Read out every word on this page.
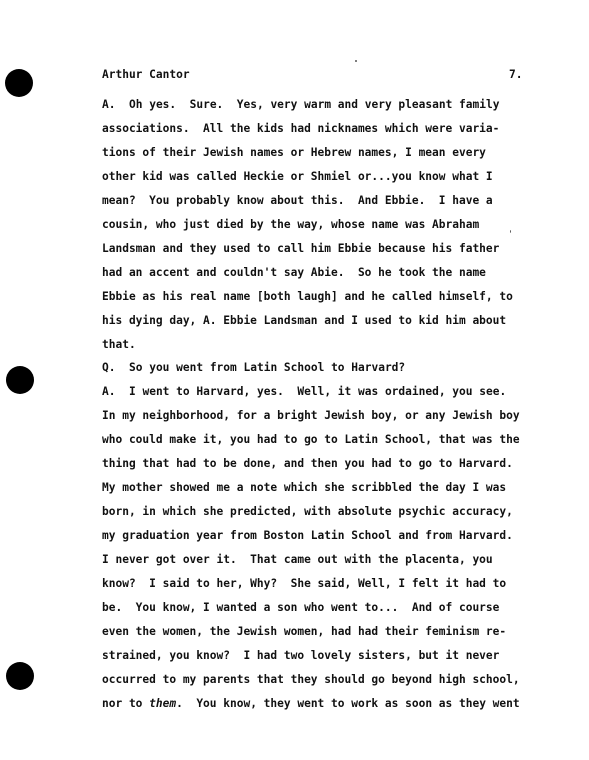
Arthur Cantor	7.
A. Oh yes.  Sure.  Yes, very warm and very pleasant family
associations.  All the kids had nicknames which were varia-
tions of their Jewish names or Hebrew names, I mean every
other kid was called Heckie or Shmiel or...you know what I
mean?  You probably know about this.  And Ebbie.  I have a
cousin, who just died by the way, whose name was Abraham
Landsman and they used to call him Ebbie because his father
had an accent and couldn't say Abie.  So he took the name
Ebbie as his real name [both laugh] and he called himself, to
his dying day, A. Ebbie Landsman and I used to kid him about
that.
Q. So you went from Latin School to Harvard?
A. I went to Harvard, yes.  Well, it was ordained, you see.
In my neighborhood, for a bright Jewish boy, or any Jewish boy
who could make it, you had to go to Latin School, that was the
thing that had to be done, and then you had to go to Harvard.
My mother showed me a note which she scribbled the day I was
born, in which she predicted, with absolute psychic accuracy,
my graduation year from Boston Latin School and from Harvard.
I never got over it.  That came out with the placenta, you
know?  I said to her, Why?  She said, Well, I felt it had to
be.  You know, I wanted a son who went to...  And of course
even the women, the Jewish women, had had their feminism re-
strained, you know?  I had two lovely sisters, but it never
occurred to my parents that they should go beyond high school,
nor to them.  You know, they went to work as soon as they went
